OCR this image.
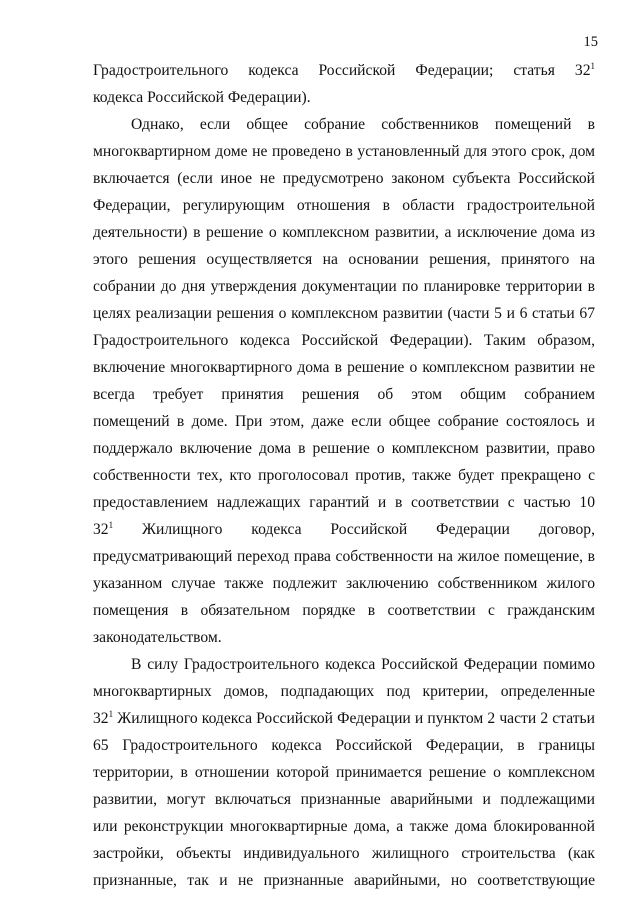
15
Градостроительного кодекса Российской Федерации; статья $32^1$
кодекса Российской Федерации).
Однако, если общее собрание собственников помещений в
многоквартирном доме не проведено в установленный для этого срок, дом
включается (если иное не предусмотрено законом субъекта Российской
Федерации, регулирующим отношения в области градостроительной
деятельности) в решение о комплексном развитии, а исключение дома из
этого решения осуществляется на основании решения, принятого на
собрании до дня утверждения документации по планировке территории в
целях реализации решения о комплексном развитии (части 5 и 6 статьи 67
Градостроительного кодекса Российской Федерации). Таким образом,
включение многоквартирного дома в решение о комплексном развитии не
всегда требует принятия решения об этом общим собранием
помещений в доме. При этом, даже если общее собрание состоялось и
поддержало включение дома в решение о комплексном развитии, право
собственности тех, кто проголосовал против, также будет прекращено с
предоставлением надлежащих гарантий и в соответствии с частью 10
$32^1$ Жилищного кодекса Российской Федерации договор,
предусматривающий переход права собственности на жилое помещение, в
указанном случае также подлежит заключению собственником жилого
помещения в обязательном порядке в соответствии с гражданским
законодательством.
В силу Градостроительного кодекса Российской Федерации помимо
многоквартирных домов, подпадающих под критерии, определенные
$32^1$ Жилищного кодекса Российской Федерации и пунктом 2 части 2 статьи
65 Градостроительного кодекса Российской Федерации, в границы
территории, в отношении которой принимается решение о комплексном
развитии, могут включаться признанные аварийными и подлежащими
или реконструкции многоквартирные дома, а также дома блокированной
застройки, объекты индивидуального жилищного строительства (как
признанные, так и не признанные аварийными, но соответствующие
